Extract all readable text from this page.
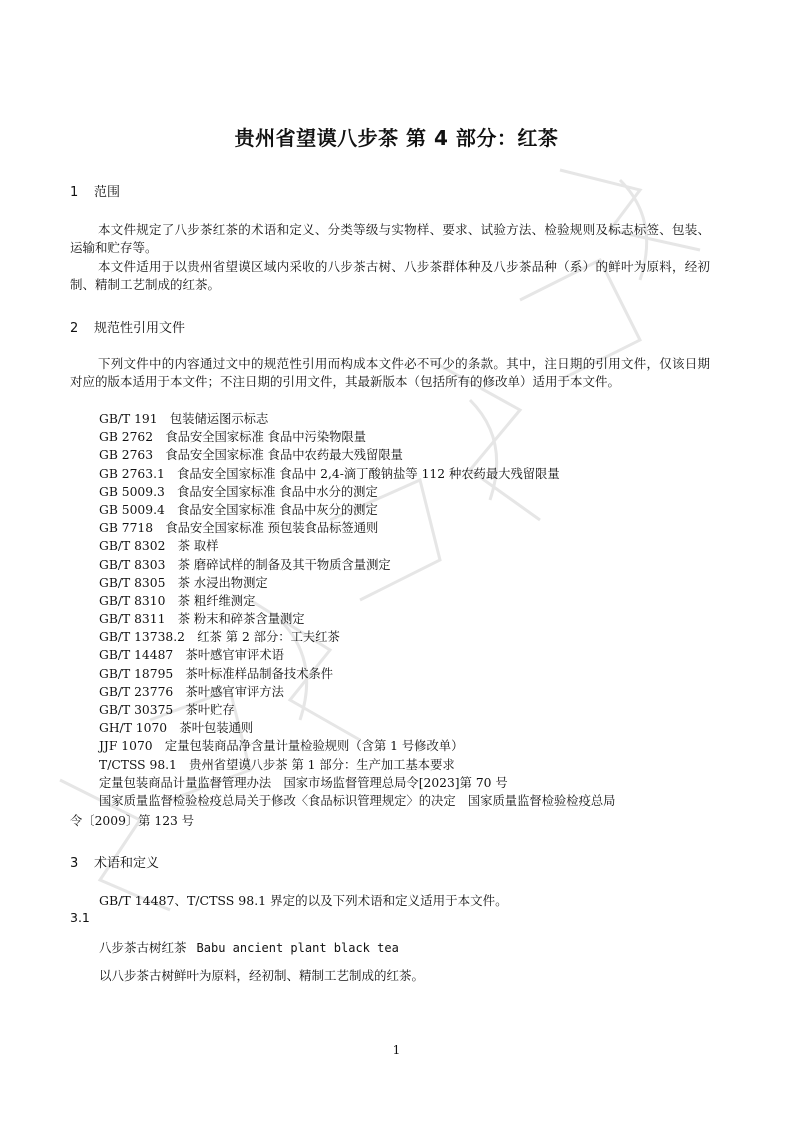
贵州省望谟八步茶 第 4 部分：红茶
1 范围
本文件规定了八步茶红茶的术语和定义、分类等级与实物样、要求、试验方法、检验规则及标志标签、包装、运输和贮存等。
本文件适用于以贵州省望谟区域内采收的八步茶古树、八步茶群体种及八步茶品种（系）的鲜叶为原料，经初制、精制工艺制成的红茶。
2 规范性引用文件
下列文件中的内容通过文中的规范性引用而构成本文件必不可少的条款。其中，注日期的引用文件，仅该日期对应的版本适用于本文件；不注日期的引用文件，其最新版本（包括所有的修改单）适用于本文件。
GB/T 191　包装储运图示标志
GB 2762　食品安全国家标准 食品中污染物限量
GB 2763　食品安全国家标准 食品中农药最大残留限量
GB 2763.1　食品安全国家标准 食品中 2,4-滴丁酸钠盐等 112 种农药最大残留限量
GB 5009.3　食品安全国家标准 食品中水分的测定
GB 5009.4　食品安全国家标准 食品中灰分的测定
GB 7718　食品安全国家标准 预包装食品标签通则
GB/T 8302　茶 取样
GB/T 8303　茶 磨碎试样的制备及其干物质含量测定
GB/T 8305　茶 水浸出物测定
GB/T 8310　茶 粗纤维测定
GB/T 8311　茶 粉末和碎茶含量测定
GB/T 13738.2　红茶 第 2 部分：工夫红茶
GB/T 14487　茶叶感官审评术语
GB/T 18795　茶叶标准样品制备技术条件
GB/T 23776　茶叶感官审评方法
GB/T 30375　茶叶贮存
GH/T 1070　茶叶包装通则
JJF 1070　定量包装商品净含量计量检验规则（含第 1 号修改单）
T/CTSS 98.1　贵州省望谟八步茶 第 1 部分：生产加工基本要求
定量包装商品计量监督管理办法　国家市场监督管理总局令[2023]第 70 号
国家质量监督检验检疫总局关于修改〈食品标识管理规定〉的决定　国家质量监督检验检疫总局
令〔2009〕第 123 号
3 术语和定义
GB/T 14487、T/CTSS 98.1 界定的以及下列术语和定义适用于本文件。
3.1
八步茶古树红茶 Babu ancient plant black tea
以八步茶古树鲜叶为原料，经初制、精制工艺制成的红茶。
1
